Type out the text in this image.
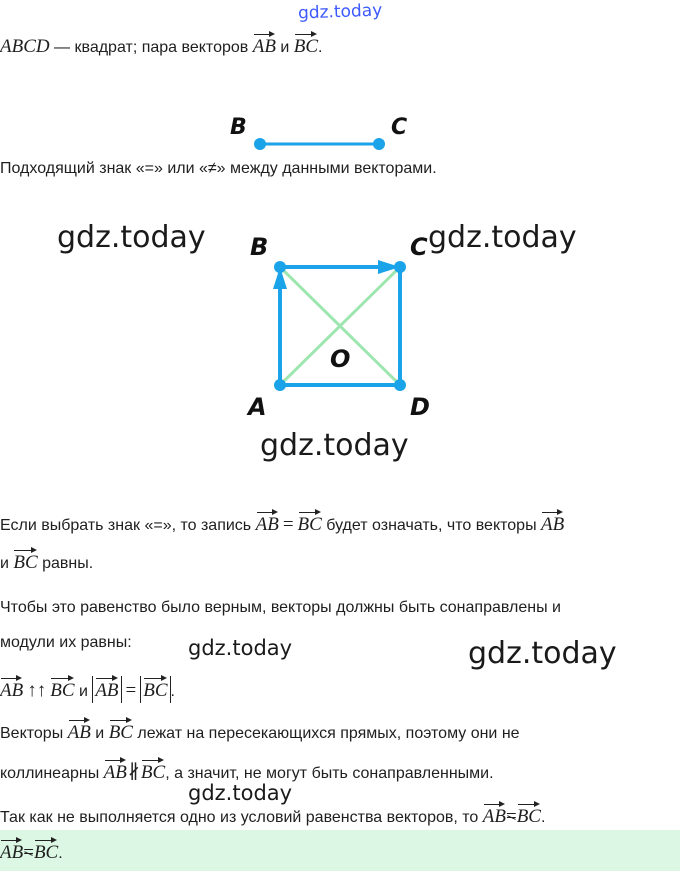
gdz.today
gdz.today	gdz.today
gdz.today
gdz.today	gdz.today
gdz.today
ABCD — квадрат; пара векторов AB и BC.
B	C
Подходящий знак «=» или «≠» между данными векторами.
B	C
A	D
O
Если выбрать знак «=», то запись AB = BC будет означать, что векторы AB
и BC равны.
Чтобы это равенство было верным, векторы должны быть сонаправлены и
модули их равны:
AB ↑↑ BC и AB = BC .
Векторы AB и BC лежат на пересекающихся прямых, поэтому они не
коллинеарны AB∦BC, а значит, не могут быть сонаправленными.
Так как не выполняется одно из условий равенства векторов, то AB=BC.
AB=BC.
